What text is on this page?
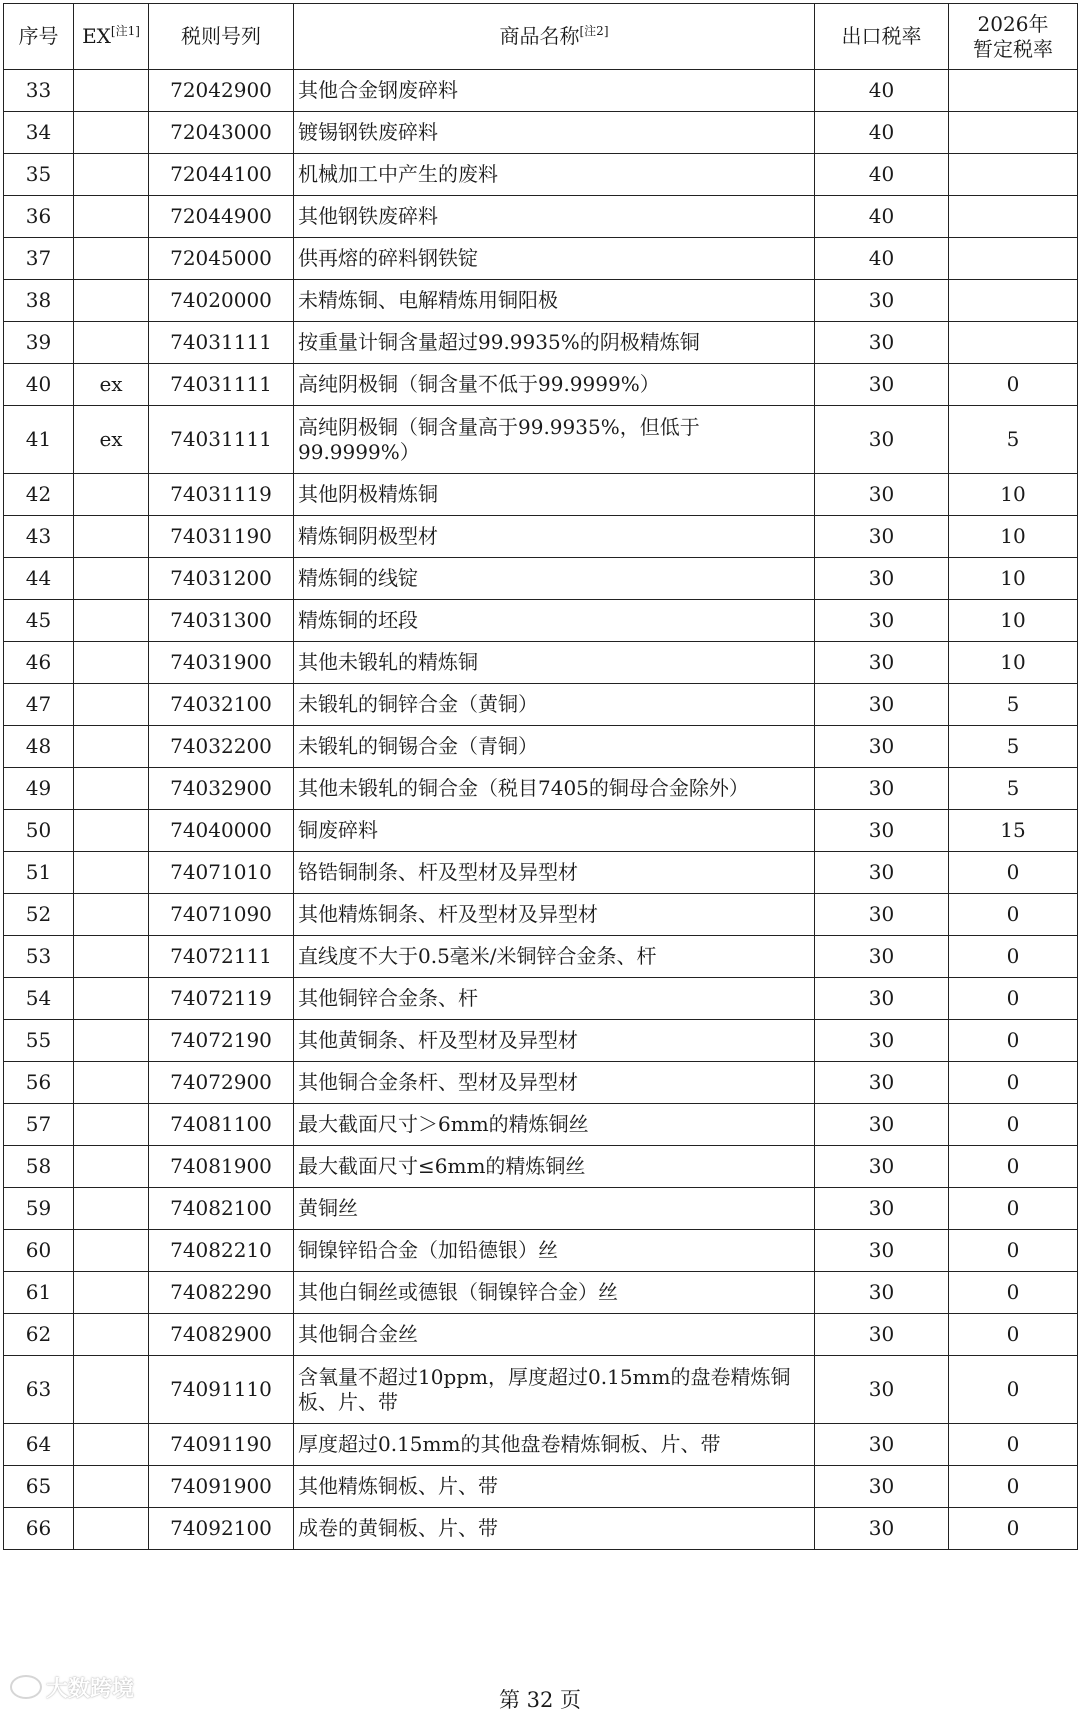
序号	EX[注1]	税则号列	商品名称[注2]	出口税率	2026年
暂定税率

33		72042900	其他合金钢废碎料	40	
34		72043000	镀锡钢铁废碎料	40	
35		72044100	机械加工中产生的废料	40	
36		72044900	其他钢铁废碎料	40	
37		72045000	供再熔的碎料钢铁锭	40	
38		74020000	未精炼铜、电解精炼用铜阳极	30	
39		74031111	按重量计铜含量超过99.9935%的阴极精炼铜	30	
40	ex	74031111	高纯阴极铜（铜含量不低于99.9999%）	30	0
41	ex	74031111	高纯阴极铜（铜含量高于99.9935%，但低于99.9999%）	30	5
42		74031119	其他阴极精炼铜	30	10
43		74031190	精炼铜阴极型材	30	10
44		74031200	精炼铜的线锭	30	10
45		74031300	精炼铜的坯段	30	10
46		74031900	其他未锻轧的精炼铜	30	10
47		74032100	未锻轧的铜锌合金（黄铜）	30	5
48		74032200	未锻轧的铜锡合金（青铜）	30	5
49		74032900	其他未锻轧的铜合金（税目7405的铜母合金除外）	30	5
50		74040000	铜废碎料	30	15
51		74071010	铬锆铜制条、杆及型材及异型材	30	0
52		74071090	其他精炼铜条、杆及型材及异型材	30	0
53		74072111	直线度不大于0.5毫米/米铜锌合金条、杆	30	0
54		74072119	其他铜锌合金条、杆	30	0
55		74072190	其他黄铜条、杆及型材及异型材	30	0
56		74072900	其他铜合金条杆、型材及异型材	30	0
57		74081100	最大截面尺寸＞6mm的精炼铜丝	30	0
58		74081900	最大截面尺寸≤6mm的精炼铜丝	30	0
59		74082100	黄铜丝	30	0
60		74082210	铜镍锌铅合金（加铅德银）丝	30	0
61		74082290	其他白铜丝或德银（铜镍锌合金）丝	30	0
62		74082900	其他铜合金丝	30	0
63		74091110	含氧量不超过10ppm，厚度超过0.15mm的盘卷精炼铜板、片、带	30	0
64		74091190	厚度超过0.15mm的其他盘卷精炼铜板、片、带	30	0
65		74091900	其他精炼铜板、片、带	30	0
66		74092100	成卷的黄铜板、片、带	30	0
大数跨境	第 32 页
